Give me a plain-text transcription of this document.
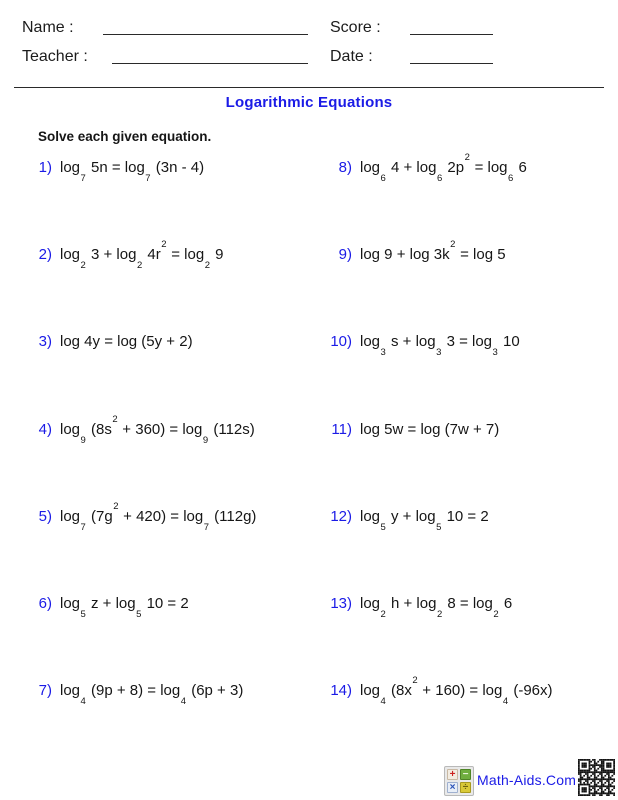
Name :
Teacher :
Score :
Date :
Logarithmic Equations
Solve each given equation.
1) $\log_7 5n = \log_7 (3n - 4)$
2) $\log_2 3 + \log_2 4r^2 = \log_2 9$
3) log 4y = log (5y + 2)
4) $\log_9 (8s^2 + 360) = \log_9 (112s)$
5) $\log_7 (7g^2 + 420) = \log_7 (112g)$
6) $\log_5 z + \log_5 10 = 2$
7) $\log_4 (9p + 8) = \log_4 (6p + 3)$
8) $\log_6 4 + \log_6 2p^2 = \log_6 6$
9) $\log 9 + \log 3k^2 = \log 5$
10) $\log_3 s + \log_3 3 = \log_3 10$
11) log 5w = log (7w + 7)
12) $\log_5 y + \log_5 10 = 2$
13) $\log_2 h + \log_2 8 = \log_2 6$
14) $\log_4 (8x^2 + 160) = \log_4 (-96x)$
+ −
× ÷ Math-Aids.Com
